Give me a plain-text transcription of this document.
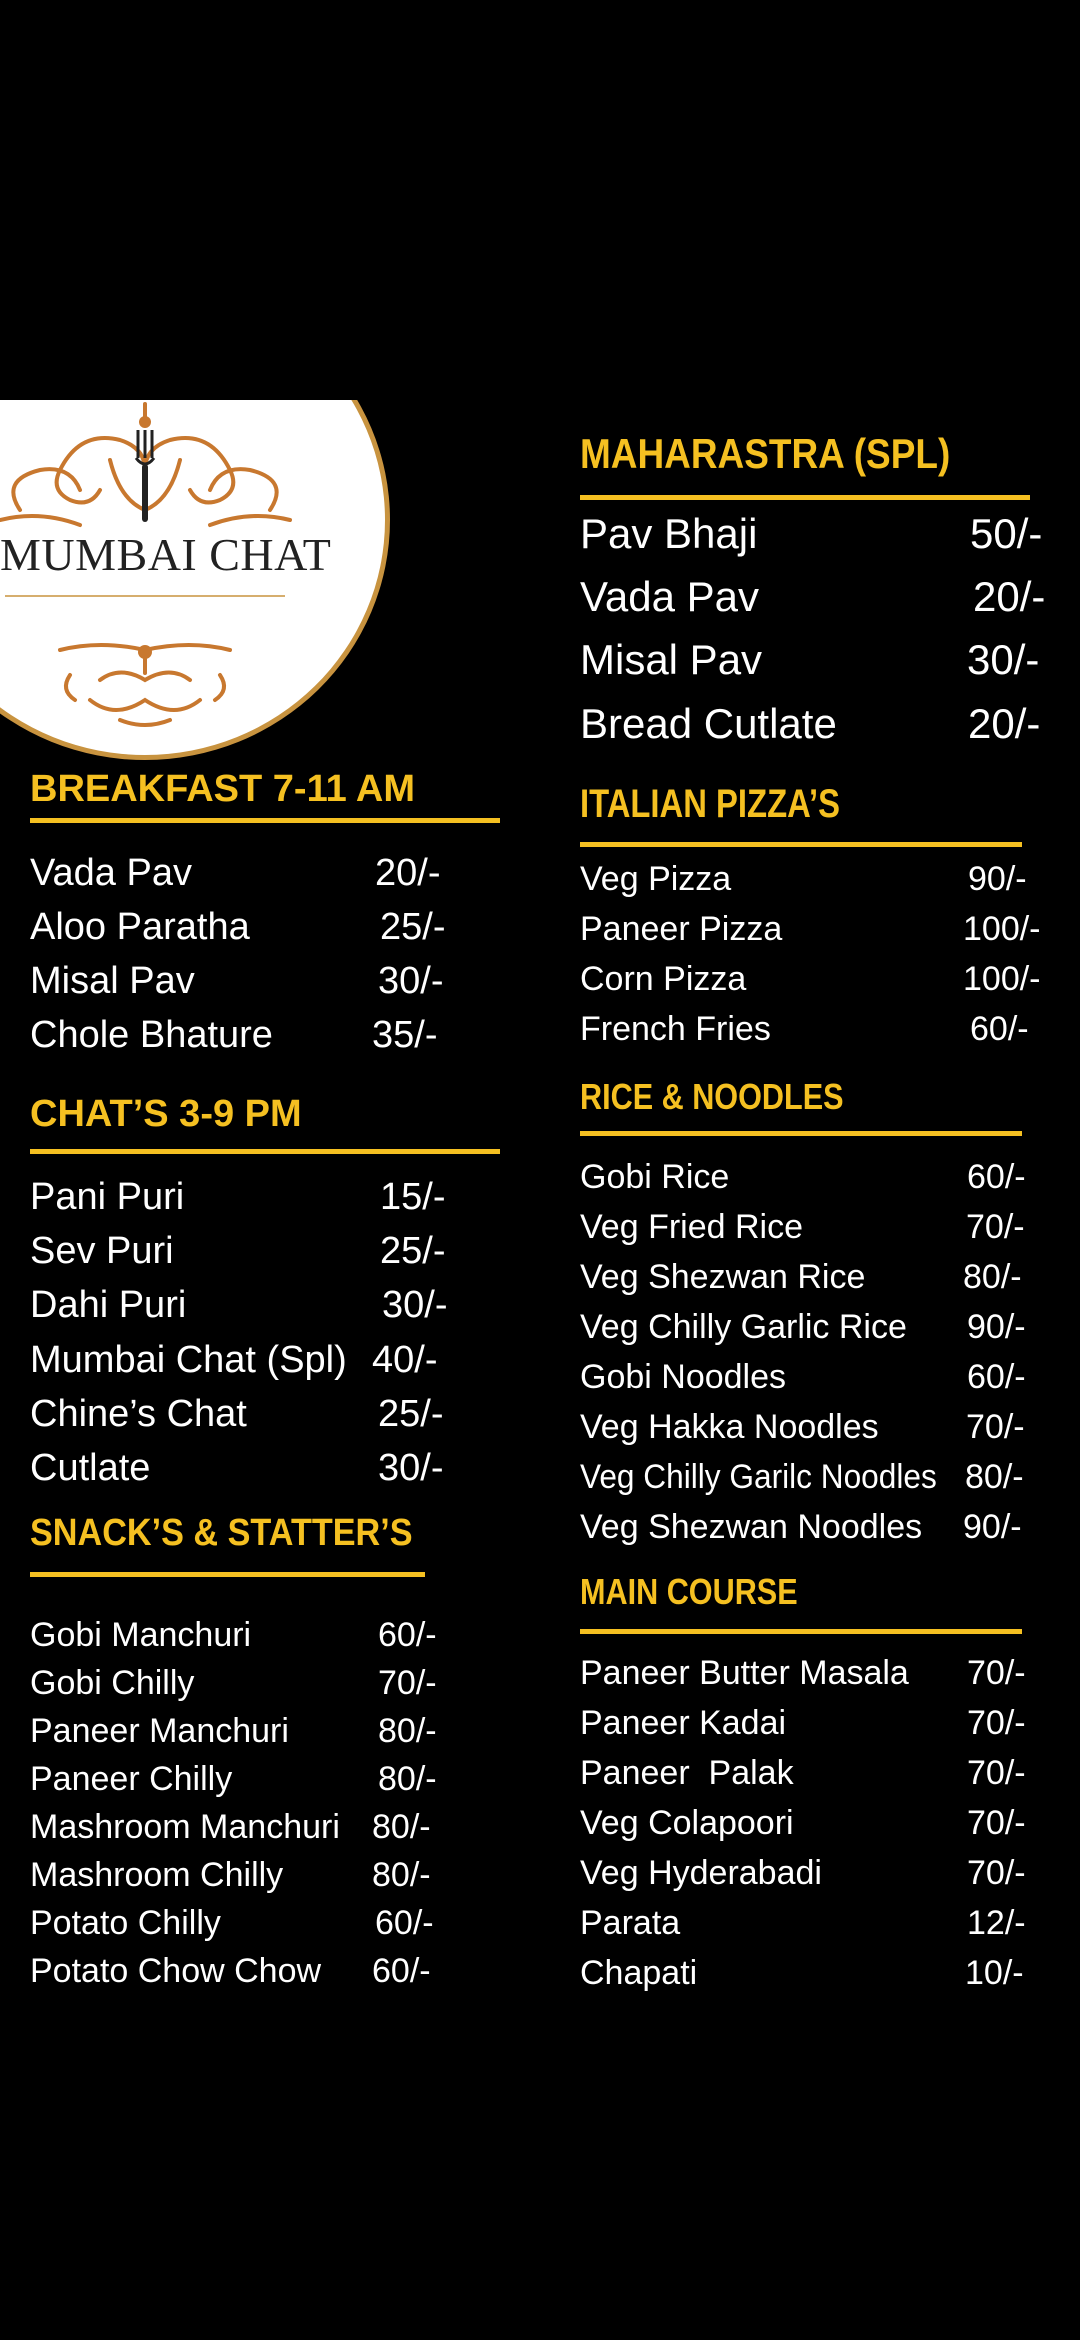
MUMBAI CHAT
BREAKFAST 7-11 AM
Vada Pav	20/-
Aloo Paratha	25/-
Misal Pav	30/-
Chole Bhature	35/-
CHAT’S 3-9 PM
Pani Puri	15/-
Sev Puri	25/-
Dahi Puri	30/-
Mumbai Chat (Spl) 40/-
Chine’s Chat	25/-
Cutlate	30/-
SNACK’S & STATTER’S
Gobi Manchuri	60/-
Gobi Chilly	70/-
Paneer Manchuri	80/-
Paneer Chilly	80/-
Mashroom Manchuri 80/-
Mashroom Chilly	80/-
Potato Chilly	60/-
Potato Chow Chow 60/-
MAHARASTRA (SPL)
Pav Bhaji	50/-
Vada Pav	20/-
Misal Pav	30/-
Bread Cutlate	20/-
ITALIAN PIZZA’S
Veg Pizza	90/-
Paneer Pizza	100/-
Corn Pizza	100/-
French Fries	60/-
RICE & NOODLES
Gobi Rice	60/-
Veg Fried Rice	70/-
Veg Shezwan Rice	80/-
Veg Chilly Garlic Rice 90/-
Gobi Noodles	60/-
Veg Hakka Noodles	70/-
Veg Chilly Garilc Noodles 80/-
Veg Shezwan Noodles 90/-
MAIN COURSE
Paneer Butter Masala 70/-
Paneer Kadai	70/-
Paneer  Palak	70/-
Veg Colapoori	70/-
Veg Hyderabadi	70/-
Parata	12/-
Chapati	10/-
